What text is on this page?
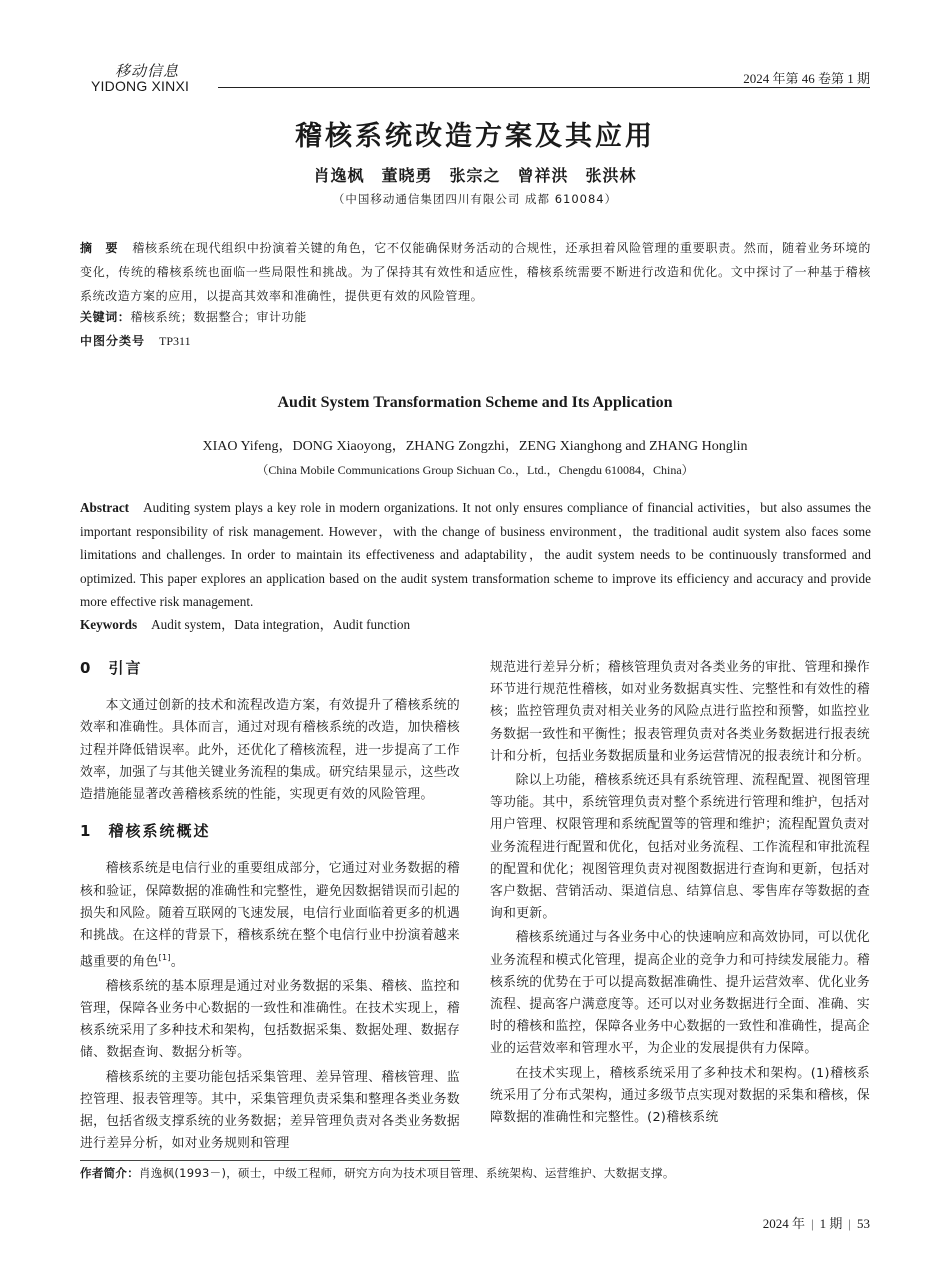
移动信息
YIDONG XINXI	2024 年第 46 卷第 1 期
稽核系统改造方案及其应用
肖逸枫　董晓勇　张宗之　曾祥洪　张洪林
（中国移动通信集团四川有限公司 成都 610084）
摘　要 稽核系统在现代组织中扮演着关键的角色，它不仅能确保财务活动的合规性，还承担着风险管理的重要职责。然而，随着业务环境的变化，传统的稽核系统也面临一些局限性和挑战。为了保持其有效性和适应性，稽核系统需要不断进行改造和优化。文中探讨了一种基于稽核系统改造方案的应用，以提高其效率和准确性，提供更有效的风险管理。
关键词：稽核系统；数据整合；审计功能
中图分类号 TP311
Audit System Transformation Scheme and Its Application
XIAO Yifeng，DONG Xiaoyong，ZHANG Zongzhi，ZENG Xianghong and ZHANG Honglin
（China Mobile Communications Group Sichuan Co.，Ltd.，Chengdu 610084，China）
Abstract Auditing system plays a key role in modern organizations. It not only ensures compliance of financial activities，but also assumes the important responsibility of risk management. However，with the change of business environment，the traditional audit system also faces some limitations and challenges. In order to maintain its effectiveness and adaptability，the audit system needs to be continuously transformed and optimized. This paper explores an application based on the audit system transformation scheme to improve its efficiency and accuracy and provide more effective risk management.
Keywords Audit system，Data integration，Audit function
0 引言

本文通过创新的技术和流程改造方案，有效提升了稽核系统的效率和准确性。具体而言，通过对现有稽核系统的改造，加快稽核过程并降低错误率。此外，还优化了稽核流程，进一步提高了工作效率，加强了与其他关键业务流程的集成。研究结果显示，这些改造措施能显著改善稽核系统的性能，实现更有效的风险管理。

1 稽核系统概述

稽核系统是电信行业的重要组成部分，它通过对业务数据的稽核和验证，保障数据的准确性和完整性，避免因数据错误而引起的损失和风险。随着互联网的飞速发展，电信行业面临着更多的机遇和挑战。在这样的背景下，稽核系统在整个电信行业中扮演着越来越重要的角色[1]。

稽核系统的基本原理是通过对业务数据的采集、稽核、监控和管理，保障各业务中心数据的一致性和准确性。在技术实现上，稽核系统采用了多种技术和架构，包括数据采集、数据处理、数据存储、数据查询、数据分析等。

稽核系统的主要功能包括采集管理、差异管理、稽核管理、监控管理、报表管理等。其中，采集管理负责采集和整理各类业务数据，包括省级支撑系统的业务数据；差异管理负责对各类业务数据进行差异分析，如对业务规则和管理

规范进行差异分析；稽核管理负责对各类业务的审批、管理和操作环节进行规范性稽核，如对业务数据真实性、完整性和有效性的稽核；监控管理负责对相关业务的风险点进行监控和预警，如监控业务数据一致性和平衡性；报表管理负责对各类业务数据进行报表统计和分析，包括业务数据质量和业务运营情况的报表统计和分析。

除以上功能，稽核系统还具有系统管理、流程配置、视图管理等功能。其中，系统管理负责对整个系统进行管理和维护，包括对用户管理、权限管理和系统配置等的管理和维护；流程配置负责对业务流程进行配置和优化，包括对业务流程、工作流程和审批流程的配置和优化；视图管理负责对视图数据进行查询和更新，包括对客户数据、营销活动、渠道信息、结算信息、零售库存等数据的查询和更新。

稽核系统通过与各业务中心的快速响应和高效协同，可以优化业务流程和模式化管理，提高企业的竞争力和可持续发展能力。稽核系统的优势在于可以提高数据准确性、提升运营效率、优化业务流程、提高客户满意度等。还可以对业务数据进行全面、准确、实时的稽核和监控，保障各业务中心数据的一致性和准确性，提高企业的运营效率和管理水平，为企业的发展提供有力保障。

在技术实现上，稽核系统采用了多种技术和架构。(1)稽核系统采用了分布式架构，通过多级节点实现对数据的采集和稽核，保障数据的准确性和完整性。(2)稽核系统

作者简介：肖逸枫(1993－)，硕士，中级工程师，研究方向为技术项目管理、系统架构、运营维护、大数据支撑。
2024 年 | 1 期 | 53
